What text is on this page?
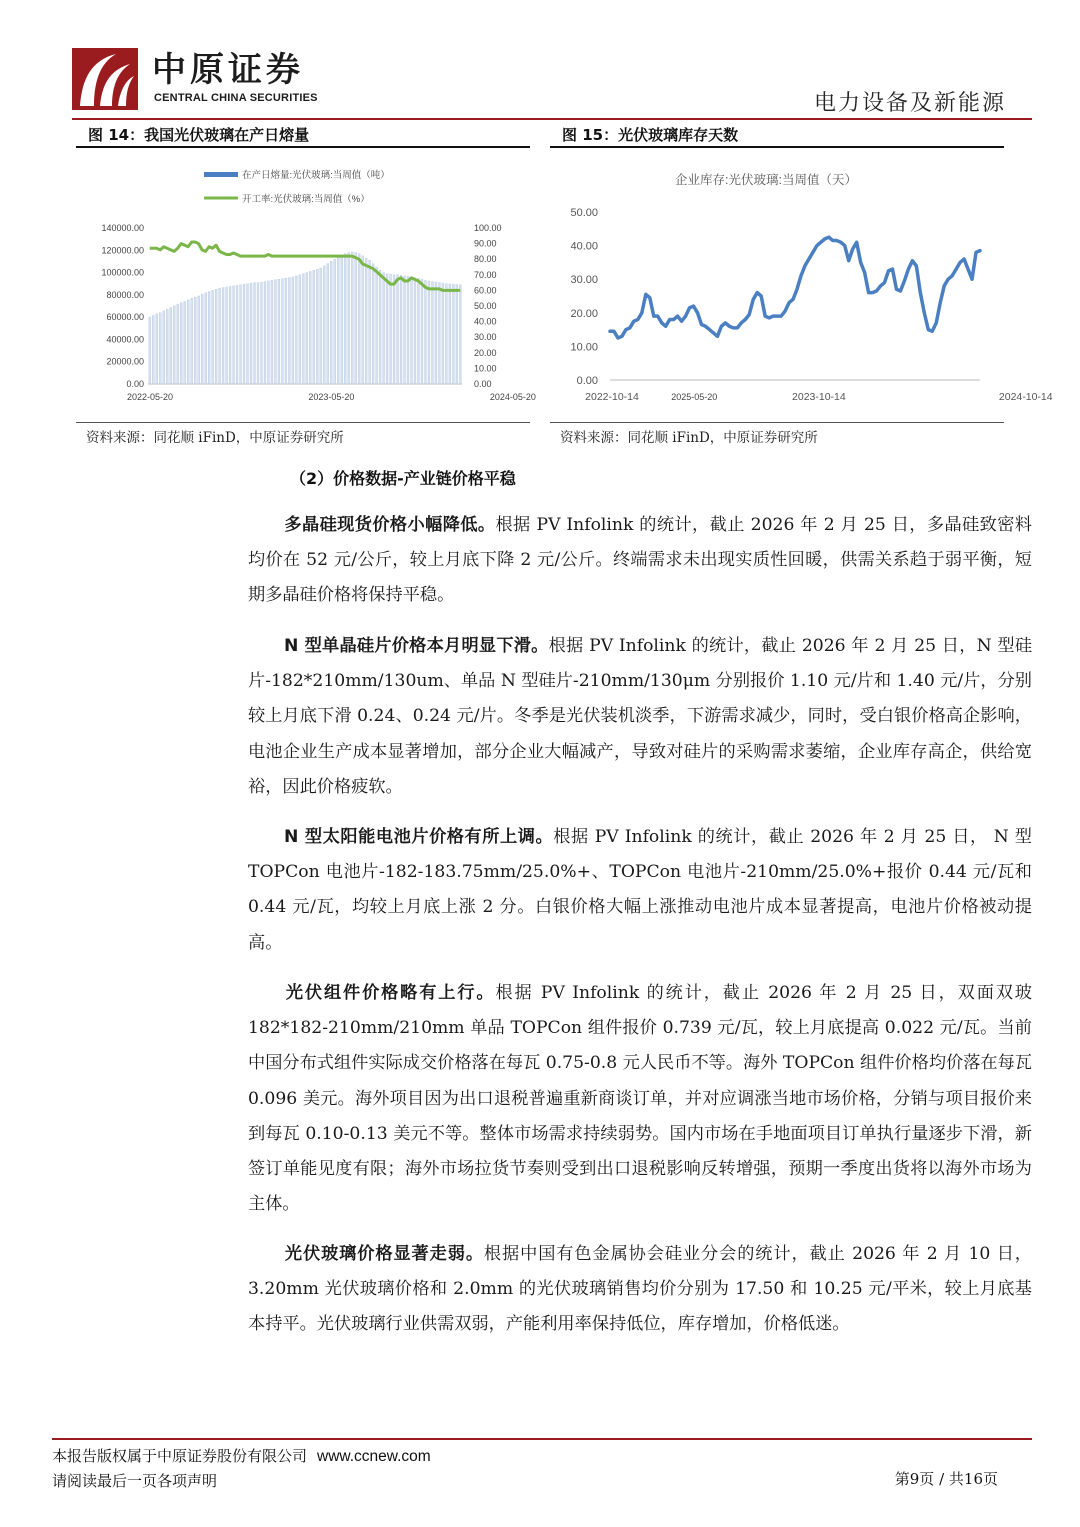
中原证券
CENTRAL CHINA SECURITIES	电力设备及新能源
图 14：我国光伏玻璃在产日熔量
在产日熔量:光伏玻璃:当周值（吨）
开工率:光伏玻璃:当周值（%）
0.00
20000.00
40000.00
60000.00
80000.00
100000.00
120000.00
140000.00
0.00
10.00
20.00
30.00
40.00
50.00
60.00
70.00
80.00
90.00
100.00
2022-05-20	2023-05-20	2024-05-20	2025-05-20
资料来源：同花顺 iFinD，中原证券研究所
图 15：光伏玻璃库存天数
企业库存:光伏玻璃:当周值（天）
0.00
10.00
20.00
30.00
40.00
50.00
2022-10-14	2023-10-14	2024-10-14
资料来源：同花顺 iFinD，中原证券研究所
（2）价格数据-产业链价格平稳

多晶硅现货价格小幅降低。根据 PV Infolink 的统计，截止 2026 年 2 月 25 日，多晶硅致密料均价在 52 元/公斤，较上月底下降 2 元/公斤。终端需求未出现实质性回暖，供需关系趋于弱平衡，短期多晶硅价格将保持平稳。

N 型单晶硅片价格本月明显下滑。根据 PV Infolink 的统计，截止 2026 年 2 月 25 日，N 型硅片-182*210mm/130um、单品 N 型硅片-210mm/130μm 分别报价 1.10 元/片和 1.40 元/片，分别较上月底下滑 0.24、0.24 元/片。冬季是光伏装机淡季，下游需求减少，同时，受白银价格高企影响，电池企业生产成本显著增加，部分企业大幅减产，导致对硅片的采购需求萎缩，企业库存高企，供给宽裕，因此价格疲软。

N 型太阳能电池片价格有所上调。根据 PV Infolink 的统计，截止 2026 年 2 月 25 日， N 型 TOPCon 电池片-182-183.75mm/25.0%+、TOPCon 电池片-210mm/25.0%+报价 0.44 元/瓦和 0.44 元/瓦，均较上月底上涨 2 分。白银价格大幅上涨推动电池片成本显著提高，电池片价格被动提高。

光伏组件价格略有上行。根据 PV Infolink 的统计，截止 2026 年 2 月 25 日，双面双玻 182*182-210mm/210mm 单品 TOPCon 组件报价 0.739 元/瓦，较上月底提高 0.022 元/瓦。当前中国分布式组件实际成交价格落在每瓦 0.75-0.8 元人民币不等。海外 TOPCon 组件价格均价落在每瓦 0.096 美元。海外项目因为出口退税普遍重新商谈订单，并对应调涨当地市场价格，分销与项目报价来到每瓦 0.10-0.13 美元不等。整体市场需求持续弱势。国内市场在手地面项目订单执行量逐步下滑，新签订单能见度有限；海外市场拉货节奏则受到出口退税影响反转增强，预期一季度出货将以海外市场为主体。

光伏玻璃价格显著走弱。根据中国有色金属协会硅业分会的统计，截止 2026 年 2 月 10 日，3.20mm 光伏玻璃价格和 2.0mm 的光伏玻璃销售均价分别为 17.50 和 10.25 元/平米，较上月底基本持平。光伏玻璃行业供需双弱，产能利用率保持低位，库存增加，价格低迷。

本报告版权属于中原证券股份有限公司 www.ccnew.com
请阅读最后一页各项声明	第9页 / 共16页
